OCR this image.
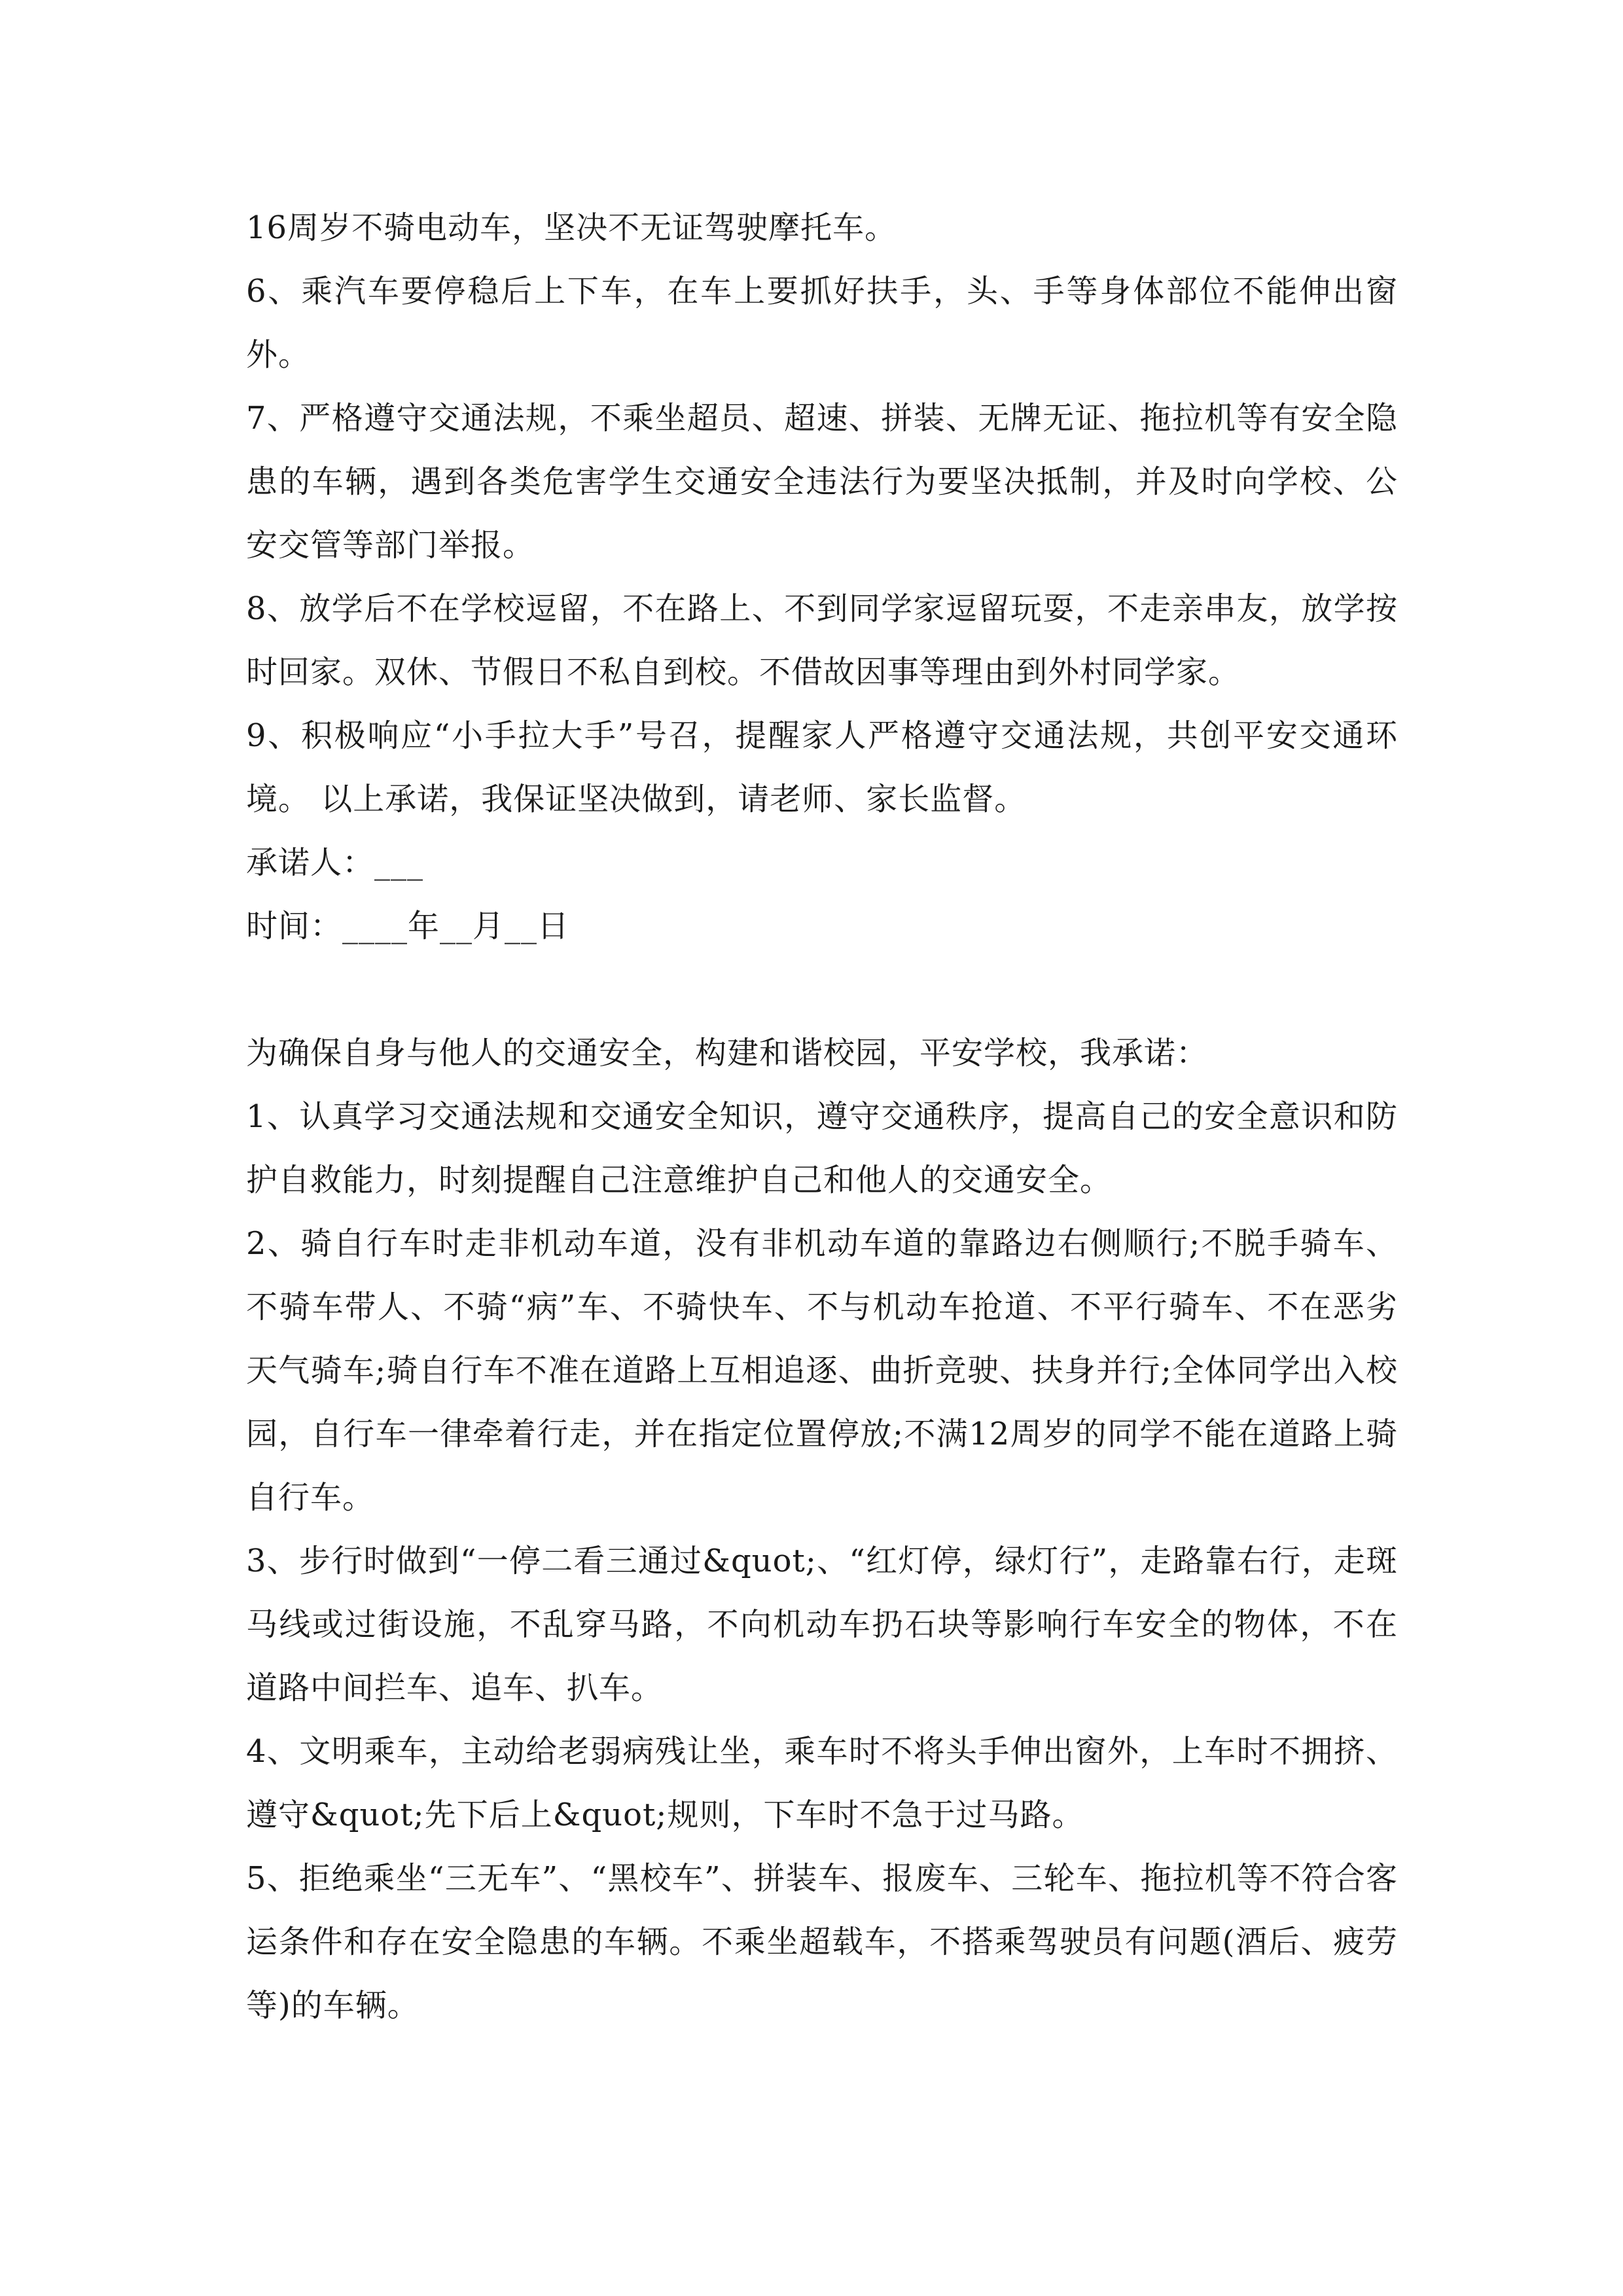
16周岁不骑电动车，坚决不无证驾驶摩托车。

6、乘汽车要停稳后上下车，在车上要抓好扶手，头、手等身体部位不能伸出窗外。

7、严格遵守交通法规，不乘坐超员、超速、拼装、无牌无证、拖拉机等有安全隐患的车辆，遇到各类危害学生交通安全违法行为要坚决抵制，并及时向学校、公安交管等部门举报。

8、放学后不在学校逗留，不在路上、不到同学家逗留玩耍，不走亲串友，放学按时回家。双休、节假日不私自到校。不借故因事等理由到外村同学家。

9、积极响应“小手拉大手”号召，提醒家人严格遵守交通法规，共创平安交通环境。 以上承诺，我保证坚决做到，请老师、家长监督。

承诺人：___

时间：____年__月__日

为确保自身与他人的交通安全，构建和谐校园，平安学校，我承诺：

1、认真学习交通法规和交通安全知识，遵守交通秩序，提高自己的安全意识和防护自救能力，时刻提醒自己注意维护自己和他人的交通安全。

2、骑自行车时走非机动车道，没有非机动车道的靠路边右侧顺行;不脱手骑车、不骑车带人、不骑“病”车、不骑快车、不与机动车抢道、不平行骑车、不在恶劣天气骑车;骑自行车不准在道路上互相追逐、曲折竞驶、扶身并行;全体同学出入校园，自行车一律牵着行走，并在指定位置停放;不满12周岁的同学不能在道路上骑自行车。

3、步行时做到“一停二看三通过&quot;、“红灯停，绿灯行”，走路靠右行，走斑马线或过街设施，不乱穿马路，不向机动车扔石块等影响行车安全的物体，不在道路中间拦车、追车、扒车。

4、文明乘车，主动给老弱病残让坐，乘车时不将头手伸出窗外，上车时不拥挤、遵守&quot;先下后上&quot;规则，下车时不急于过马路。

5、拒绝乘坐“三无车”、“黑校车”、拼装车、报废车、三轮车、拖拉机等不符合客运条件和存在安全隐患的车辆。不乘坐超载车，不搭乘驾驶员有问题(酒后、疲劳等)的车辆。
